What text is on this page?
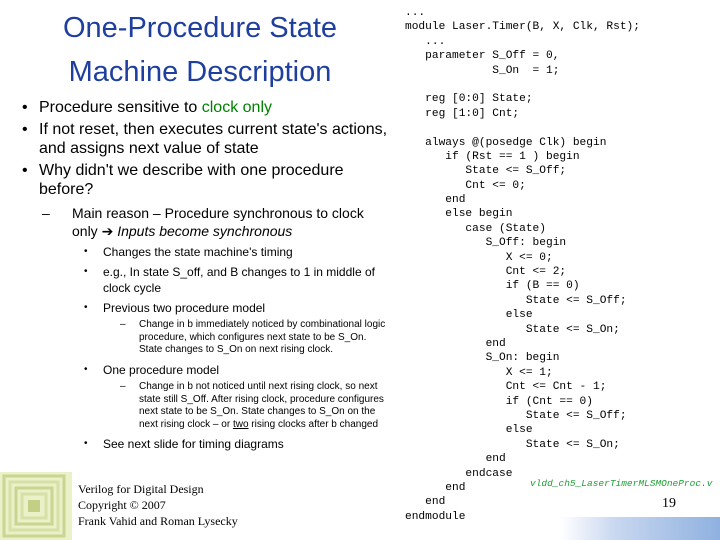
One-Procedure State
Machine Description
• Procedure sensitive to clock only
• If not reset, then executes current state's actions, and assigns next value of state
• Why didn't we describe with one procedure before?
– Main reason – Procedure synchronous to clock only ➔ Inputs become synchronous
• Changes the state machine's timing
• e.g., In state S_off, and B changes to 1 in middle of clock cycle
• Previous two procedure model
– Change in b immediately noticed by combinational logic procedure, which configures next state to be S_On. State changes to S_On on next rising clock.
• One procedure model
– Change in b not noticed until next rising clock, so next state still S_Off. After rising clock, procedure configures next state to be S_On. State changes to S_On on the next rising clock – or two rising clocks after b changed
• See next slide for timing diagrams
...
module Laser.Timer(B, X, Clk, Rst);
...
parameter S_Off = 0,
S_On  = 1;
reg [0:0] State;
reg [1:0] Cnt;
always @(posedge Clk) begin
if (Rst == 1 ) begin
State <= S_Off;
Cnt <= 0;
end
else begin
case (State)
S_Off: begin
X <= 0;
Cnt <= 2;
if (B == 0)
State <= S_Off;
else
State <= S_On;
end
S_On: begin
X <= 1;
Cnt <= Cnt - 1;
if (Cnt == 0)
State <= S_Off;
else
State <= S_On;
end
endcase
end
end
endmodule
Verilog for Digital Design
Copyright © 2007
Frank Vahid and Roman Lysecky
vldd_ch5_LaserTimerMLSMOneProc.v
19
